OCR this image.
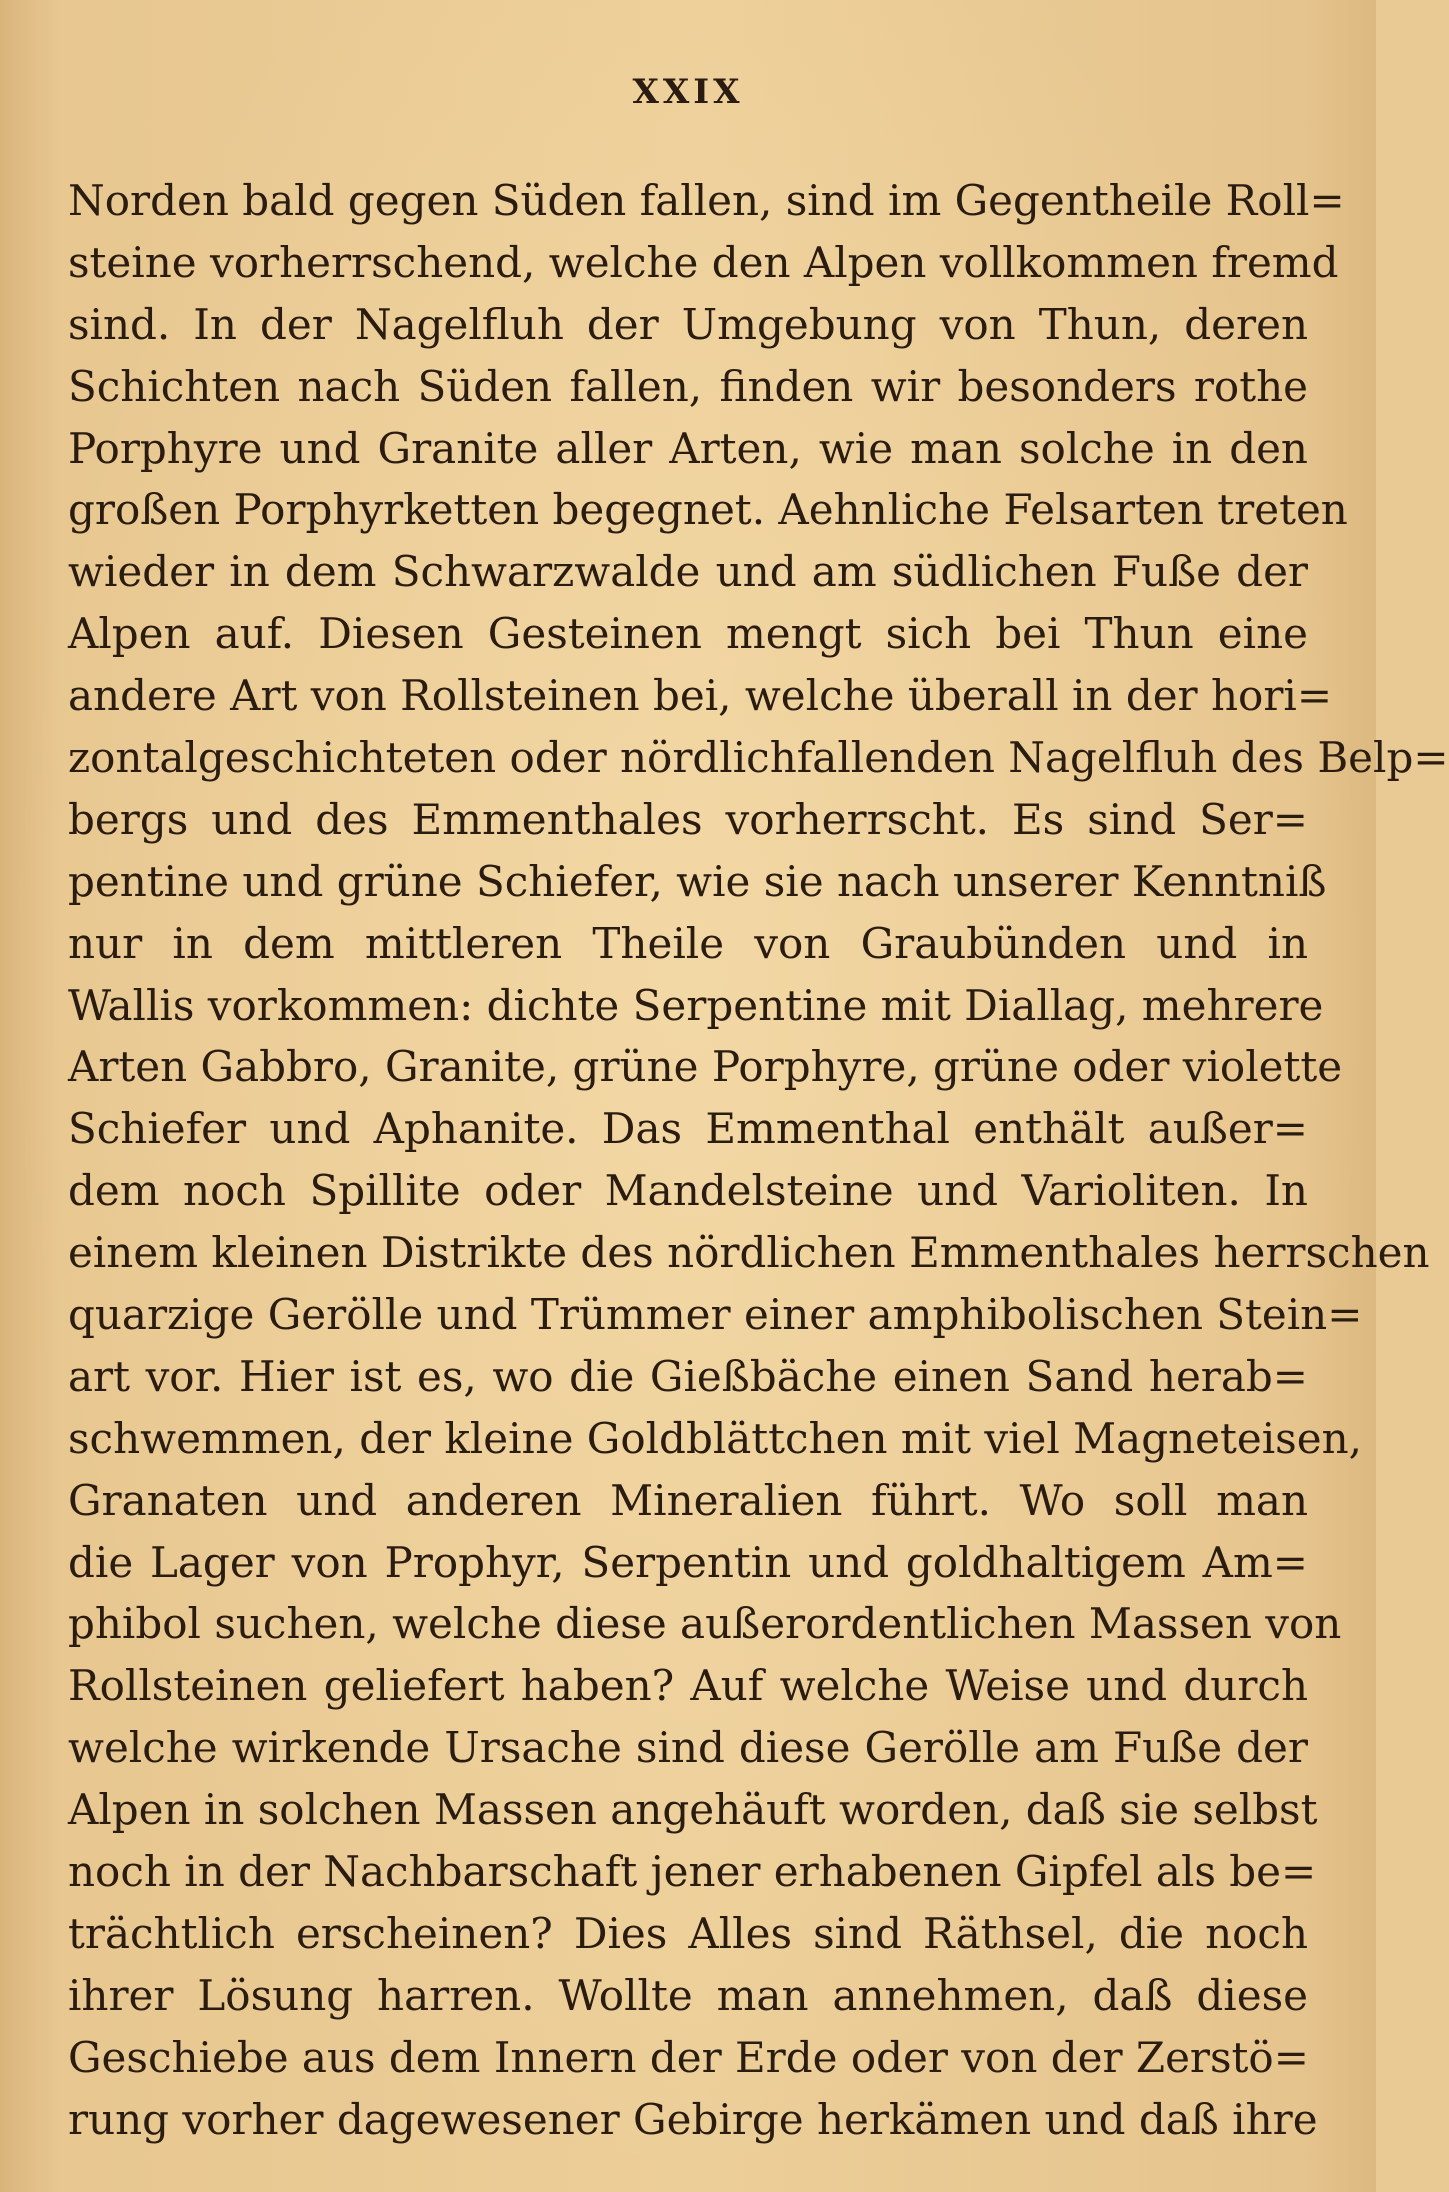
XXIX
Norden bald gegen Süden fallen, sind im Gegentheile Roll=
steine vorherrschend, welche den Alpen vollkommen fremd
sind. In der Nagelfluh der Umgebung von Thun, deren
Schichten nach Süden fallen, finden wir besonders rothe
Porphyre und Granite aller Arten, wie man solche in den
großen Porphyrketten begegnet. Aehnliche Felsarten treten
wieder in dem Schwarzwalde und am südlichen Fuße der
Alpen auf. Diesen Gesteinen mengt sich bei Thun eine
andere Art von Rollsteinen bei, welche überall in der hori=
zontalgeschichteten oder nördlichfallenden Nagelfluh des Belp=
bergs und des Emmenthales vorherrscht. Es sind Ser=
pentine und grüne Schiefer, wie sie nach unserer Kenntniß
nur in dem mittleren Theile von Graubünden und in
Wallis vorkommen: dichte Serpentine mit Diallag, mehrere
Arten Gabbro, Granite, grüne Porphyre, grüne oder violette
Schiefer und Aphanite. Das Emmenthal enthält außer=
dem noch Spillite oder Mandelsteine und Varioliten. In
einem kleinen Distrikte des nördlichen Emmenthales herrschen
quarzige Gerölle und Trümmer einer amphibolischen Stein=
art vor. Hier ist es, wo die Gießbäche einen Sand herab=
schwemmen, der kleine Goldblättchen mit viel Magneteisen,
Granaten und anderen Mineralien führt. Wo soll man
die Lager von Prophyr, Serpentin und goldhaltigem Am=
phibol suchen, welche diese außerordentlichen Massen von
Rollsteinen geliefert haben? Auf welche Weise und durch
welche wirkende Ursache sind diese Gerölle am Fuße der
Alpen in solchen Massen angehäuft worden, daß sie selbst
noch in der Nachbarschaft jener erhabenen Gipfel als be=
trächtlich erscheinen? Dies Alles sind Räthsel, die noch
ihrer Lösung harren. Wollte man annehmen, daß diese
Geschiebe aus dem Innern der Erde oder von der Zerstö=
rung vorher dagewesener Gebirge herkämen und daß ihre
